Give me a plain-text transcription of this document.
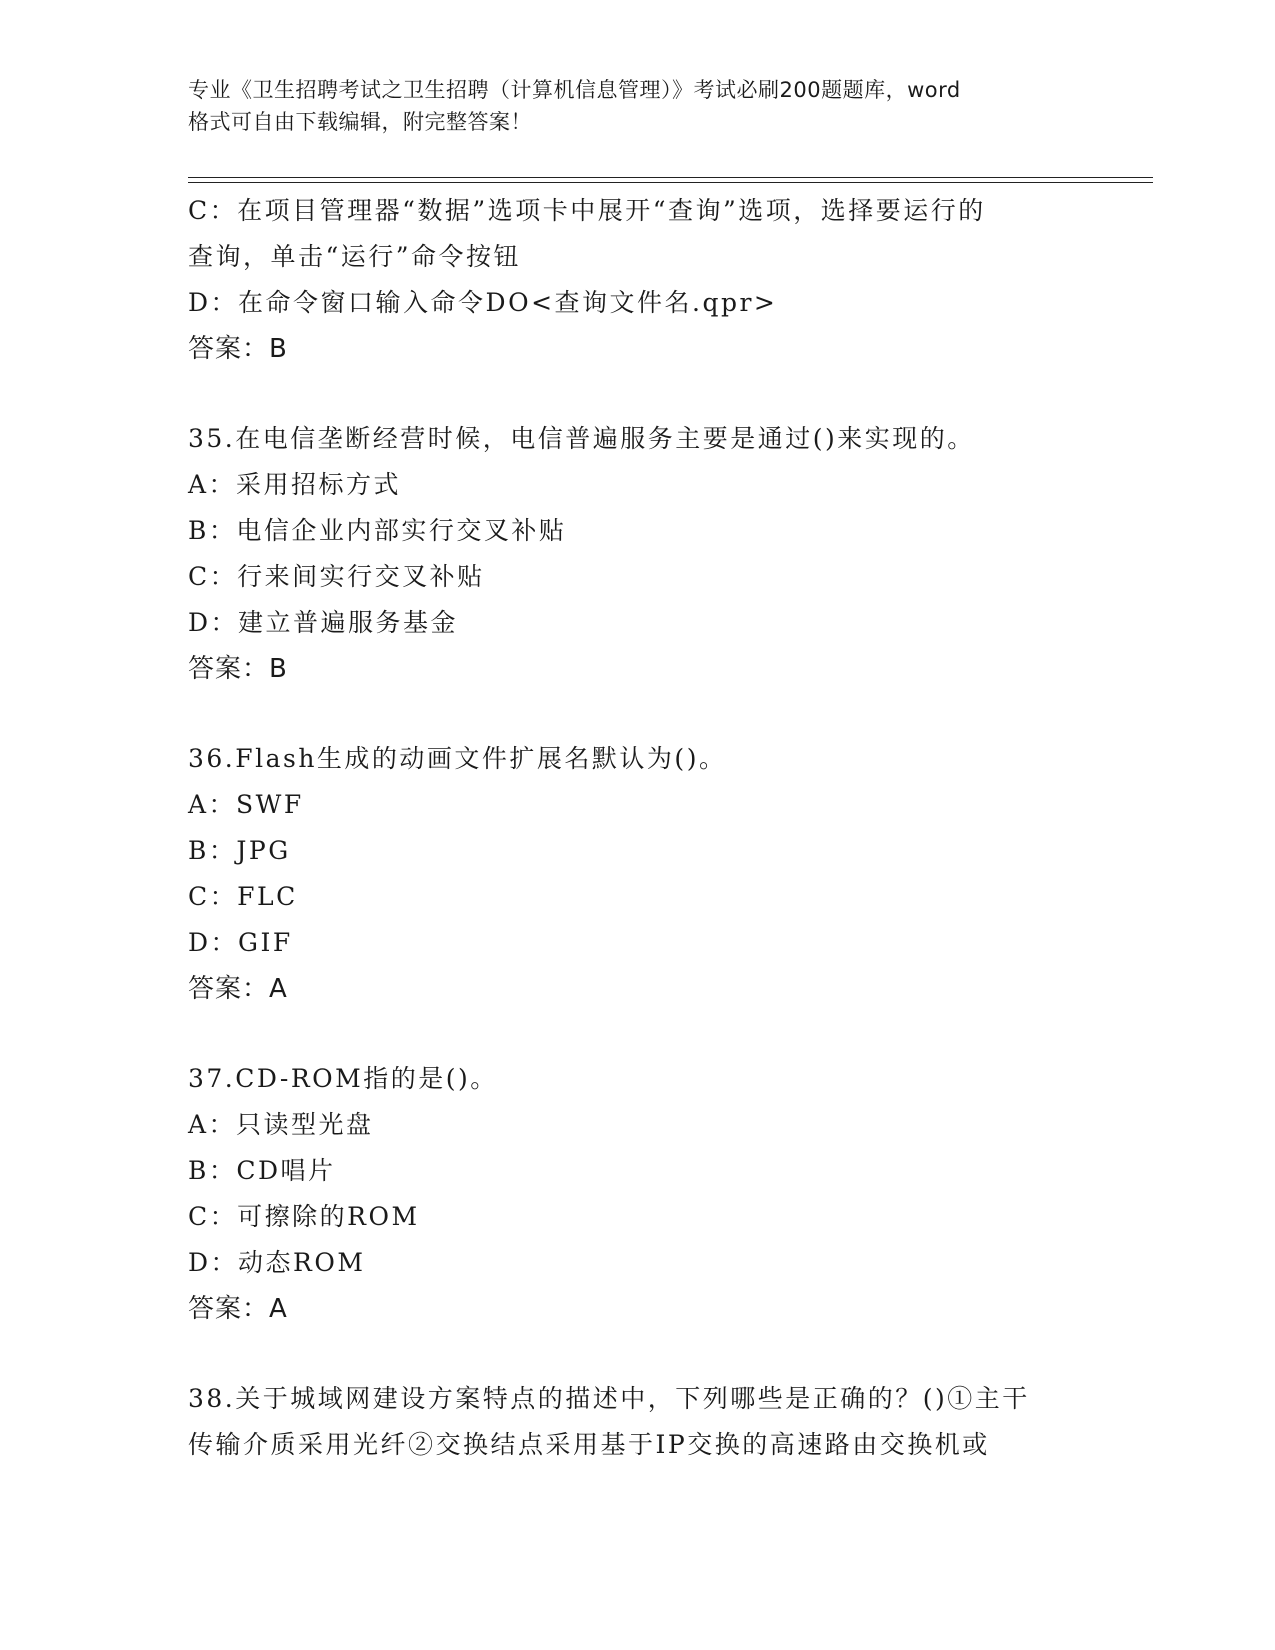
专业《卫生招聘考试之卫生招聘（计算机信息管理）》考试必刷200题题库，word
格式可自由下载编辑，附完整答案！
C：在项目管理器“数据”选项卡中展开“查询”选项，选择要运行的
查询，单击“运行”命令按钮
D：在命令窗口输入命令DO<查询文件名.qpr>
答案：B
35.在电信垄断经营时候，电信普遍服务主要是通过()来实现的。
A：采用招标方式
B：电信企业内部实行交叉补贴
C：行来间实行交叉补贴
D：建立普遍服务基金
答案：B
36.Flash生成的动画文件扩展名默认为()。
A：SWF
B：JPG
C：FLC
D：GIF
答案：A
37.CD-ROM指的是()。
A：只读型光盘
B：CD唱片
C：可擦除的ROM
D：动态ROM
答案：A
38.关于城域网建设方案特点的描述中，下列哪些是正确的？()①主干
传输介质采用光纤②交换结点采用基于IP交换的高速路由交换机或
